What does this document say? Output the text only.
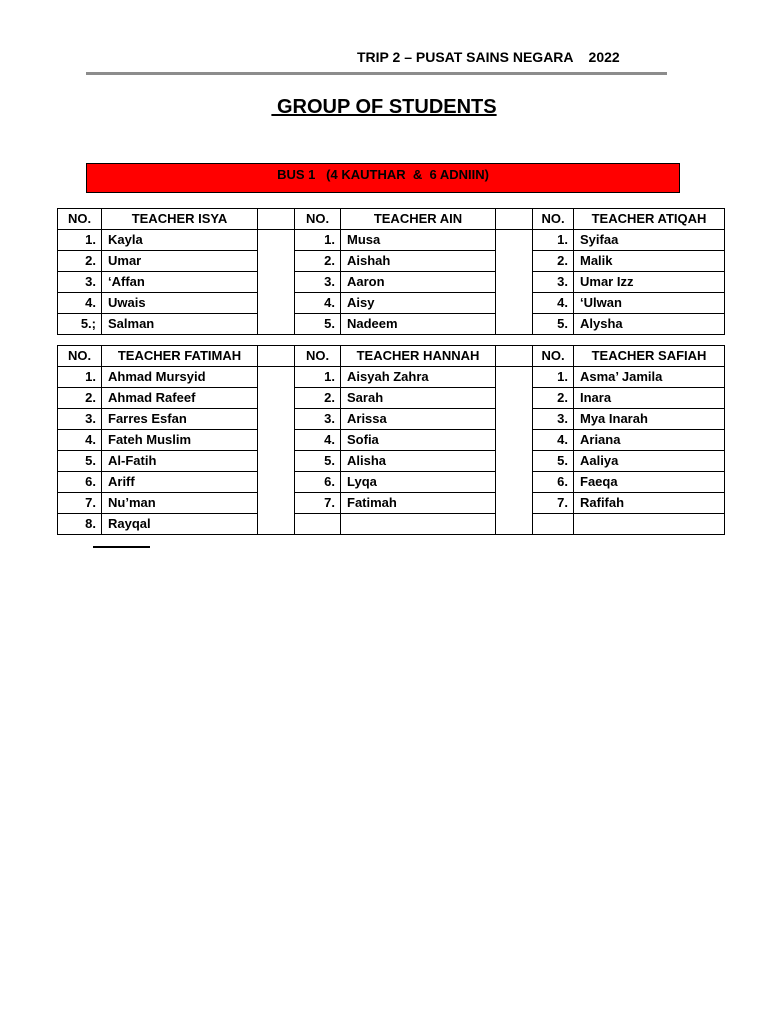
TRIP 2 – PUSAT SAINS NEGARA    2022
GROUP OF STUDENTS
BUS 1   (4 KAUTHAR  &  6 ADNIIN)
NO.	TEACHER ISYA		NO.	TEACHER AIN		NO.	TEACHER ATIQAH
1.	Kayla		1.	Musa		1.	Syifaa
2.	Umar		2.	Aishah		2.	Malik
3.	‘Affan		3.	Aaron		3.	Umar Izz
4.	Uwais		4.	Aisy		4.	‘Ulwan
5.;	Salman		5.	Nadeem		5.	Alysha
NO.	TEACHER FATIMAH		NO.	TEACHER HANNAH		NO.	TEACHER SAFIAH
1.	Ahmad Mursyid		1.	Aisyah Zahra		1.	Asma’ Jamila
2.	Ahmad Rafeef		2.	Sarah		2.	Inara
3.	Farres Esfan		3.	Arissa		3.	Mya Inarah
4.	Fateh Muslim		4.	Sofia		4.	Ariana
5.	Al-Fatih		5.	Alisha		5.	Aaliya
6.	Ariff		6.	Lyqa		6.	Faeqa
7.	Nu’man		7.	Fatimah		7.	Rafifah
8.	Rayqal						
